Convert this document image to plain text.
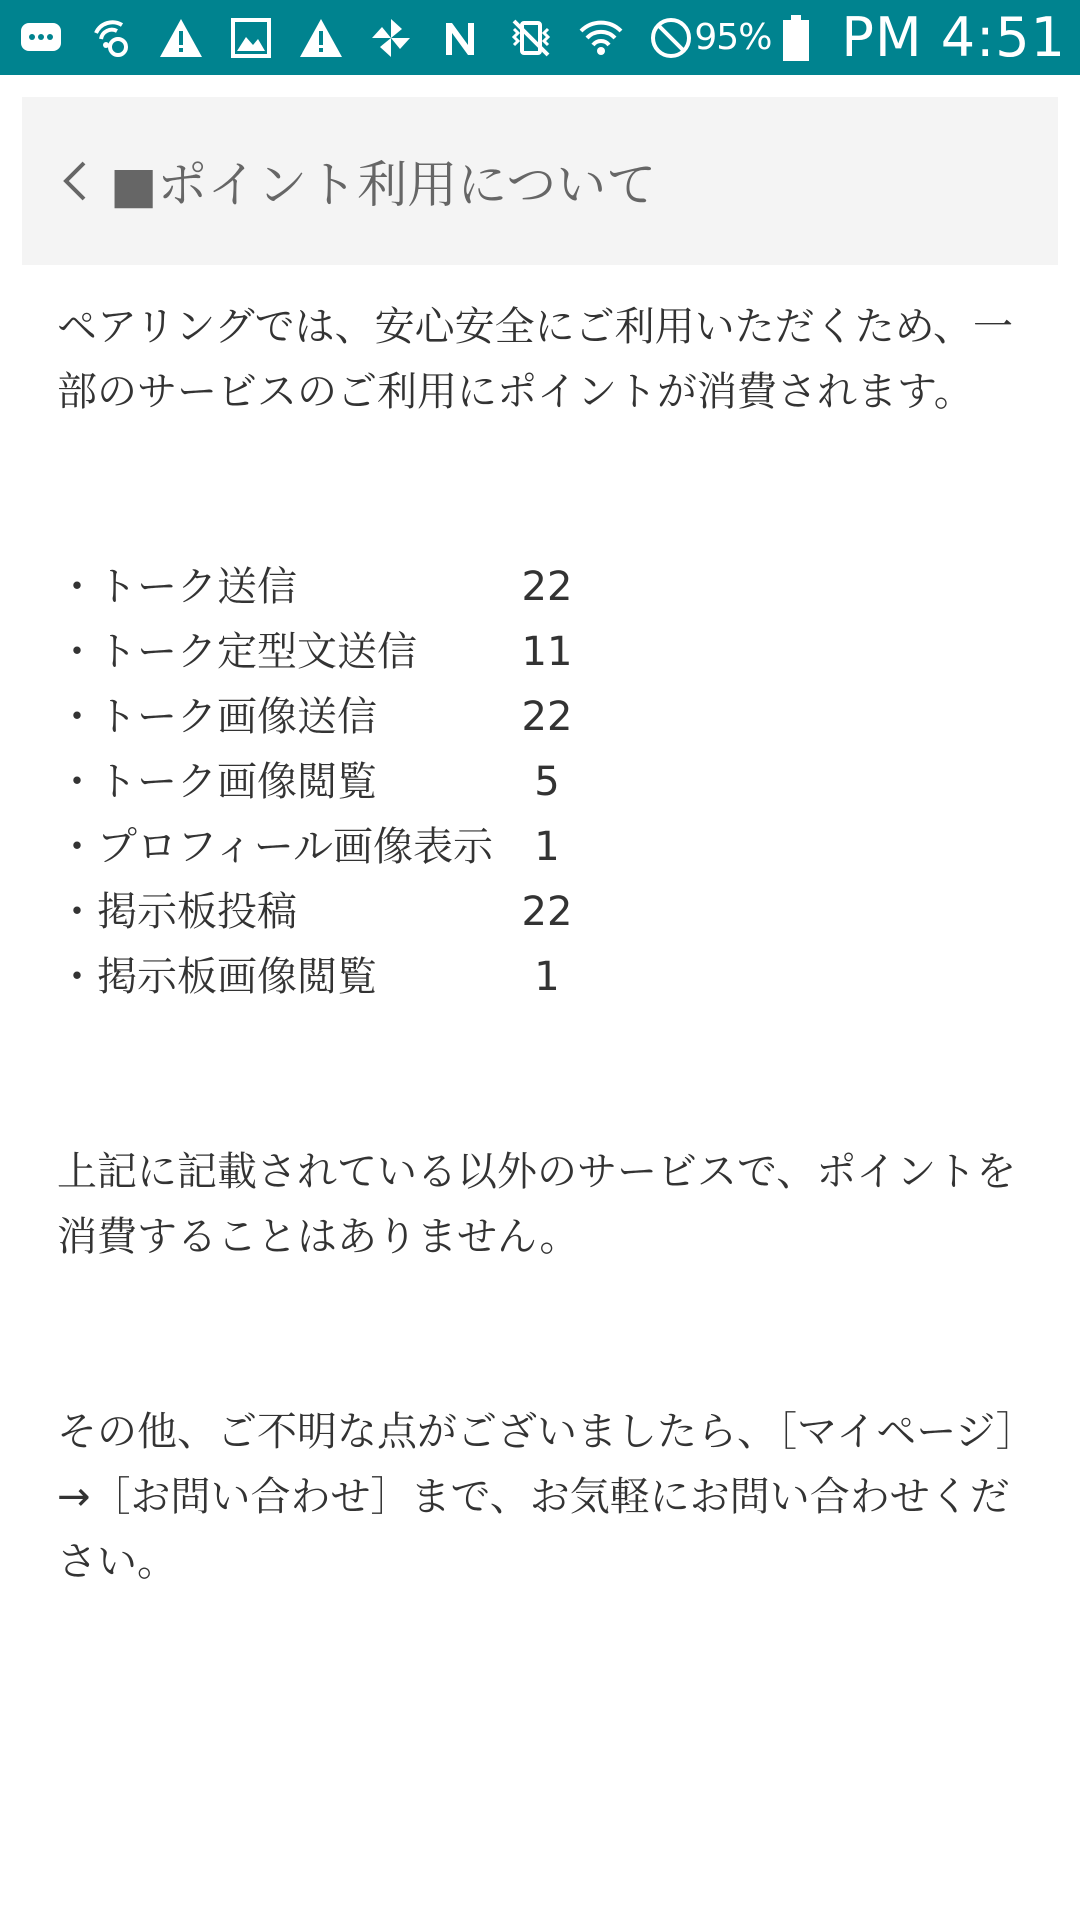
95% PM 4:51
■ポイント利用について

ペアリングでは、安心安全にご利用いただくため、一部のサービスのご利用にポイントが消費されます。

・トーク送信	22
・トーク定型文送信	11
・トーク画像送信	22
・トーク画像閲覧	5
・プロフィール画像表示	1
・掲示板投稿	22
・掲示板画像閲覧	1

上記に記載されている以外のサービスで、ポイントを消費することはありません。

その他、ご不明な点がございましたら、［マイページ］→［お問い合わせ］まで、お気軽にお問い合わせください。
